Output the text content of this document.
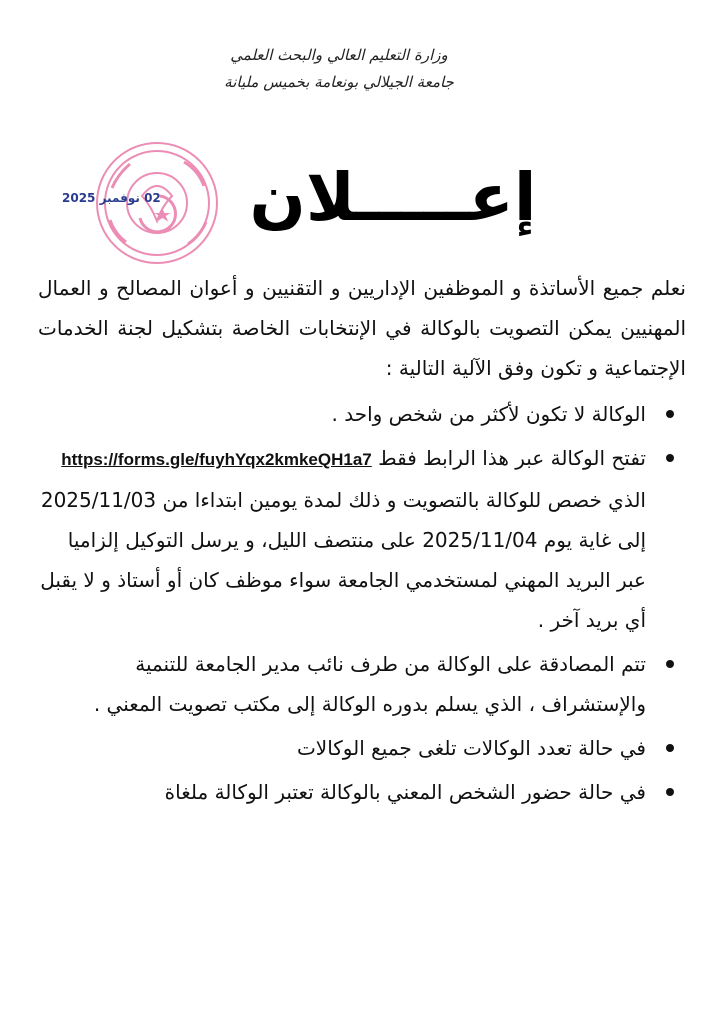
وزارة التعليم العالي والبحث العلمي
جامعة الجيلالي بونعامة بخميس مليانة
2025 ‫02 نوفمبر‬	إعـــــلان
نعلم جميع الأساتذة و الموظفين الإداريين و التقنيين و أعوان المصالح و العمال المهنيين يمكن التصويت بالوكالة في الإنتخابات الخاصة بتشكيل لجنة الخدمات الإجتماعية و تكون وفق الآلية التالية :
الوكالة لا تكون لأكثر من شخص واحد .
تفتح الوكالة عبر هذا الرابط فقط https://forms.gle/fuyhYqx2kmkeQH1a7 الذي خصص للوكالة بالتصويت و ذلك لمدة يومين ابتداءا من 2025/11/03 إلى غاية يوم 2025/11/04 على منتصف الليل، و يرسل التوكيل إلزاميا عبر البريد المهني لمستخدمي الجامعة سواء موظف كان أو أستاذ و لا يقبل أي بريد آخر .
تتم المصادقة على الوكالة من طرف نائب مدير الجامعة للتنمية والإستشراف ، الذي يسلم بدوره الوكالة إلى مكتب تصويت المعني .
في حالة تعدد الوكالات تلغى جميع الوكالات
في حالة حضور الشخص المعني بالوكالة تعتبر الوكالة ملغاة
